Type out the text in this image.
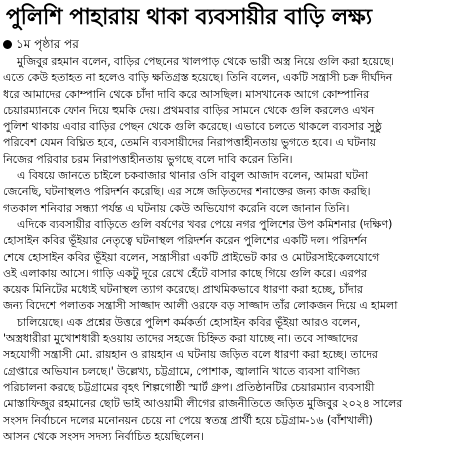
পুলিশি পাহারায় থাকা ব্যবসায়ীর বাড়ি লক্ষ্য
১ম পৃষ্ঠার পর
মুজিবুর রহমান বলেন, বাড়ির পেছনের খালপাড় থেকে ভারী অস্ত্র নিয়ে গুলি করা হয়েছে।
এতে কেউ হতাহত না হলেও বাড়ি ক্ষতিগ্রস্ত হয়েছে। তিনি বলেন, একটি সন্ত্রাসী চক্র দীর্ঘদিন
ধরে আমাদের কোম্পানি থেকে চাঁদা দাবি করে আসছিল। মাসখানেক আগে কোম্পানির
চেয়ারম্যানকে ফোন দিয়ে হুমকি দেয়। প্রথমবার বাড়ির সামনে থেকে গুলি করলেও এখন
পুলিশ থাকায় এবার বাড়ির পেছন থেকে গুলি করেছে। এভাবে চলতে থাকলে ব্যবসার সুষ্ঠু
পরিবেশ যেমন বিঘ্নিত হবে, তেমনি ব্যবসায়ীদের নিরাপত্তাহীনতায় ভুগতে হবে। এ ঘটনায়
নিজের পরিবার চরম নিরাপত্তাহীনতায় ভুগছে বলে দাবি করেন তিনি।
এ বিষয়ে জানতে চাইলে চকবাজার থানার ওসি বাবুল আজাদ বলেন, আমরা ঘটনা
জেনেছি, ঘটনাস্থলও পরিদর্শন করেছি। এর সঙ্গে জড়িতদের শনাক্তের জন্য কাজ করছি।
গতকাল শনিবার সন্ধ্যা পর্যন্ত এ ঘটনায় কেউ অভিযোগ করেনি বলে জানান তিনি।
এদিকে ব্যবসায়ীর বাড়িতে গুলি বর্ষণের খবর পেয়ে নগর পুলিশের উপ কমিশনার (দক্ষিণ)
হোসাইন কবির ভূঁইয়ার নেতৃত্বে ঘটনাস্থল পরিদর্শন করেন পুলিশের একটি দল। পরিদর্শন
শেষে হোসাইন কবির ভূঁইয়া বলেন, সন্ত্রাসীরা একটি প্রাইভেট কার ও মোটরসাইকেলযোগে
ওই এলাকায় আসে। গাড়ি একটু দূরে রেখে হেঁটে বাসার কাছে গিয়ে গুলি করে। এরপর
কয়েক মিনিটের মধ্যেই ঘটনাস্থল ত্যাগ করেছে। প্রাথমিকভাবে ধারণা করা হচ্ছে, চাঁদার
জন্য বিদেশে পলাতক সন্ত্রাসী সাজ্জাদ আলী ওরফে বড় সাজ্জাদ তাঁর লোকজন দিয়ে এ হামলা
চালিয়েছে। এক প্রশ্নের উত্তরে পুলিশ কর্মকর্তা হোসাইন কবির ভূঁইয়া আরও বলেন,
'অস্ত্রধারীরা মুখোশধারী হওয়ায় তাদের সহজে চিহ্নিত করা যাচ্ছে না। তবে সাজ্জাদের
সহযোগী সন্ত্রাসী মো. রায়হান ও রায়হান এ ঘটনায় জড়িত বলে ধারণা করা হচ্ছে। তাদের
গ্রেপ্তারে অভিযান চলছে।' উল্লেখ্য, চট্টগ্রামে, পোশাক, জ্বালানি খাতে ব্যবসা বাণিজ্য
পরিচালনা করছে চট্টগ্রামের বৃহৎ শিল্পগোষ্ঠী স্মার্ট গ্রুপ। প্রতিষ্ঠানটির চেয়ারম্যান ব্যবসায়ী
মোস্তাফিজুর রহমানের ছোট ভাই আওয়ামী লীগের রাজনীতিতে জড়িত মুজিবুর ২০২৪ সালের
সংসদ নির্বাচনে দলের মনোনয়ন চেয়ে না পেয়ে স্বতন্ত্র প্রার্থী হয়ে চট্টগ্রাম-১৬ (বাঁশখালী)
আসন থেকে সংসদ সদস্য নির্বাচিত হয়েছিলেন।
